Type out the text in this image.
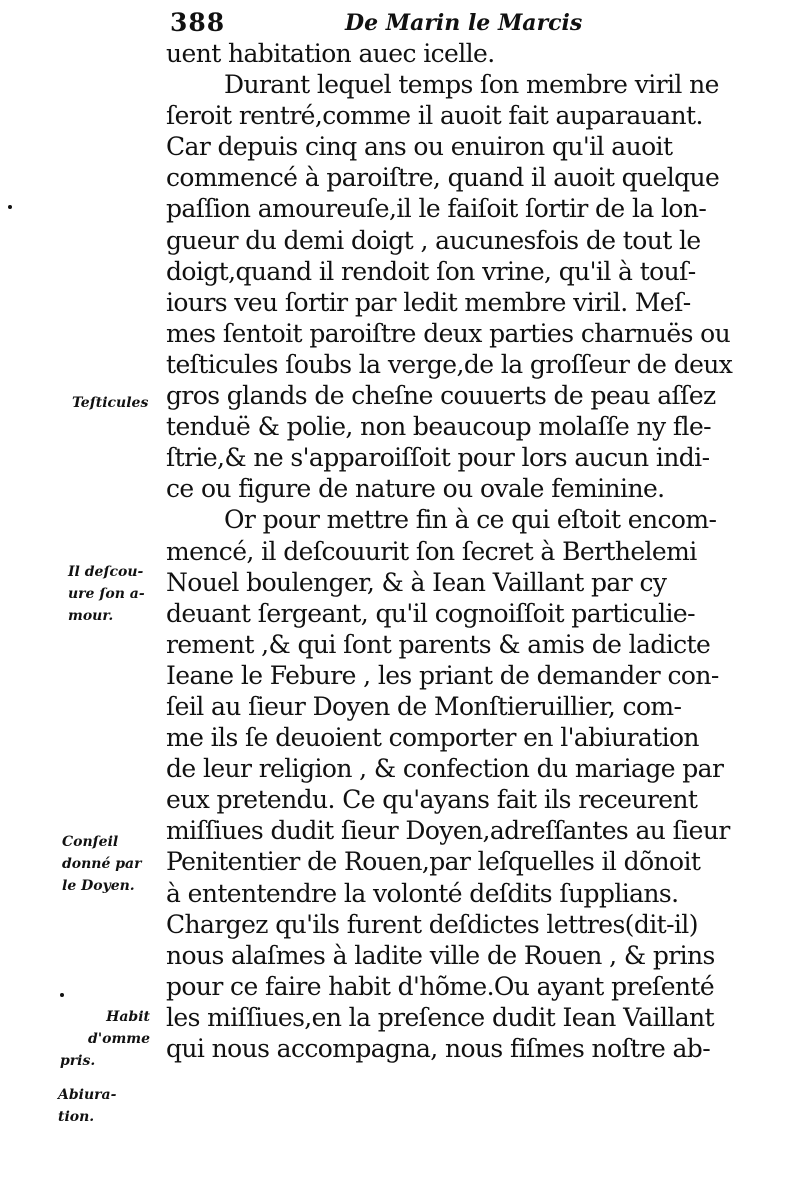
388	De Marin le Marcis
Teſticules
Il deſcou-
ure ſon a-
mour.
Conſeil
donné par
le Doyen.
Habit
d'omme
pris.
Abiura-
tion.
uent habitation auec icelle.
Durant lequel temps ſon membre viril ne
ſeroit rentré,comme il auoit fait auparauant.
Car depuis cinq ans ou enuiron qu'il auoit
commencé à paroiſtre, quand il auoit quelque
paſſion amoureuſe,il le faiſoit ſortir de la lon-
gueur du demi doigt , aucunesfois de tout le
doigt,quand il rendoit ſon vrine, qu'il à touſ-
iours veu ſortir par ledit membre viril. Meſ-
mes ſentoit paroiſtre deux parties charnuës ou
teſticules ſoubs la verge,de la groſſeur de deux
gros glands de cheſne couuerts de peau aſſez
tenduë & polie, non beaucoup molaſſe ny fle-
ſtrie,& ne s'apparoiſſoit pour lors aucun indi-
ce ou figure de nature ou ovale feminine.
Or pour mettre fin à ce qui eſtoit encom-
mencé, il deſcouurit ſon ſecret à Berthelemi
Nouel boulenger, & à Iean Vaillant par cy
deuant ſergeant, qu'il cognoiſſoit particulie-
rement ,& qui ſont parents & amis de ladicte
Ieane le Febure , les priant de demander con-
ſeil au ſieur Doyen de Monſtieruillier, com-
me ils ſe deuoient comporter en l'abiuration
de leur religion , & confection du mariage par
eux pretendu. Ce qu'ayans fait ils receurent
miſſiues dudit ſieur Doyen,adreſſantes au ſieur
Penitentier de Rouen,par leſquelles il dõnoit
à ententendre la volonté deſdits ſupplians.
Chargez qu'ils furent deſdictes lettres(dit-il)
nous alaſmes à ladite ville de Rouen , & prins
pour ce faire habit d'hõme.Ou ayant preſenté
les miſſiues,en la preſence dudit Iean Vaillant
qui nous accompagna, nous fiſmes noſtre ab-
